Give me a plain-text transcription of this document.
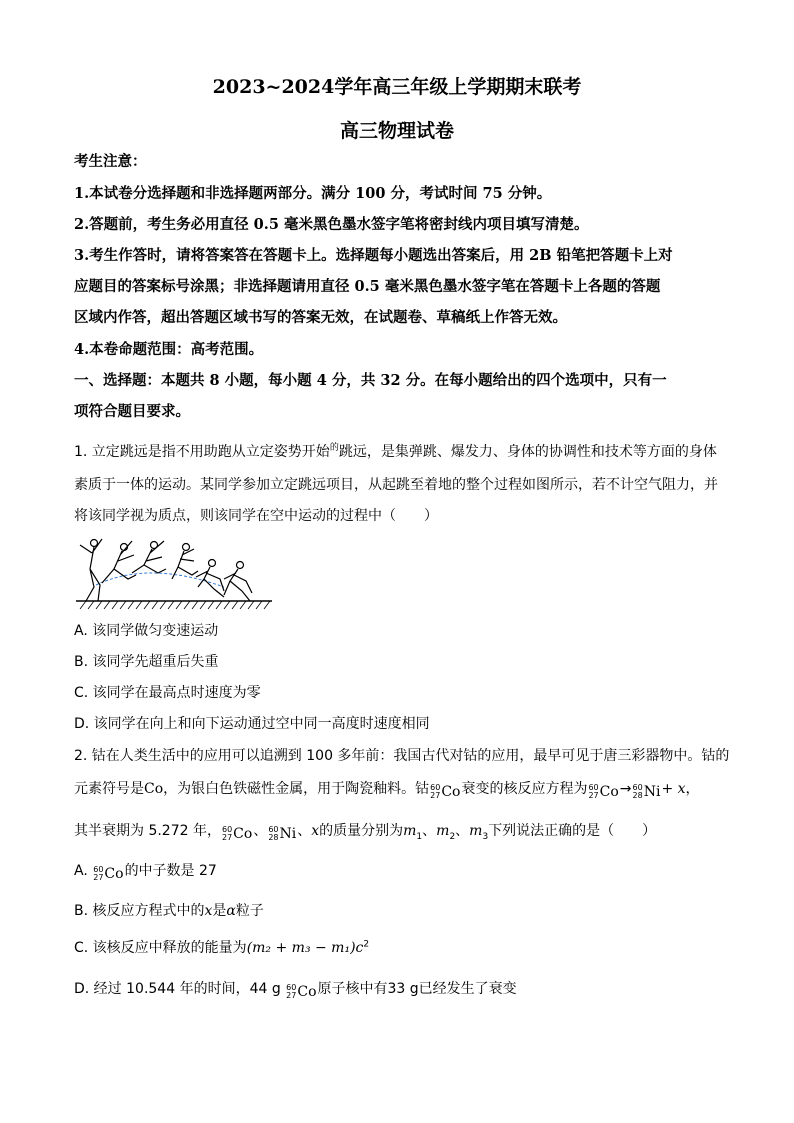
2023~2024学年高三年级上学期期末联考
高三物理试卷
考生注意：
1.本试卷分选择题和非选择题两部分。满分 100 分，考试时间 75 分钟。
2.答题前，考生务必用直径 0.5 毫米黑色墨水签字笔将密封线内项目填写清楚。
3.考生作答时，请将答案答在答题卡上。选择题每小题选出答案后，用 2B 铅笔把答题卡上对
应题目的答案标号涂黑；非选择题请用直径 0.5 毫米黑色墨水签字笔在答题卡上各题的答题
区域内作答，超出答题区域书写的答案无效，在试题卷、草稿纸上作答无效。
4.本卷命题范围：高考范围。
一、选择题：本题共 8 小题，每小题 4 分，共 32 分。在每小题给出的四个选项中，只有一
项符合题目要求。
1. 立定跳远是指不用助跑从立定姿势开始$^的$跳远，是集弹跳、爆发力、身体的协调性和技术等方面的身体
素质于一体的运动。某同学参加立定跳远项目，从起跳至着地的整个过程如图所示，若不计空气阻力，并
将该同学视为质点，则该同学在空中运动的过程中（　　）
A. 该同学做匀变速运动
B. 该同学先超重后失重
C. 该同学在最高点时速度为零
D. 该同学在向上和向下运动通过空中同一高度时速度相同
2. 钴在人类生活中的应用可以追溯到 100 多年前：我国古代对钴的应用，最早可见于唐三彩器物中。钴的
元素符号是Co，为银白色铁磁性金属，用于陶瓷釉料。钴60
27Co衰变的核反应方程为60
27Co→60
28Ni+ x，
其半衰期为 5.272 年，60
27Co、60
28Ni、x的质量分别为$m_1$、$m_2$、$m_3$下列说法正确的是（　　）
A. 60
27Co的中子数是 27
B. 核反应方程式中的x是α粒子
C. 该核反应中释放的能量为$(m_2 + m_3 - m_1)c^2$
D. 经过 10.544 年的时间，44 g 60
27Co原子核中有33 g已经发生了衰变
